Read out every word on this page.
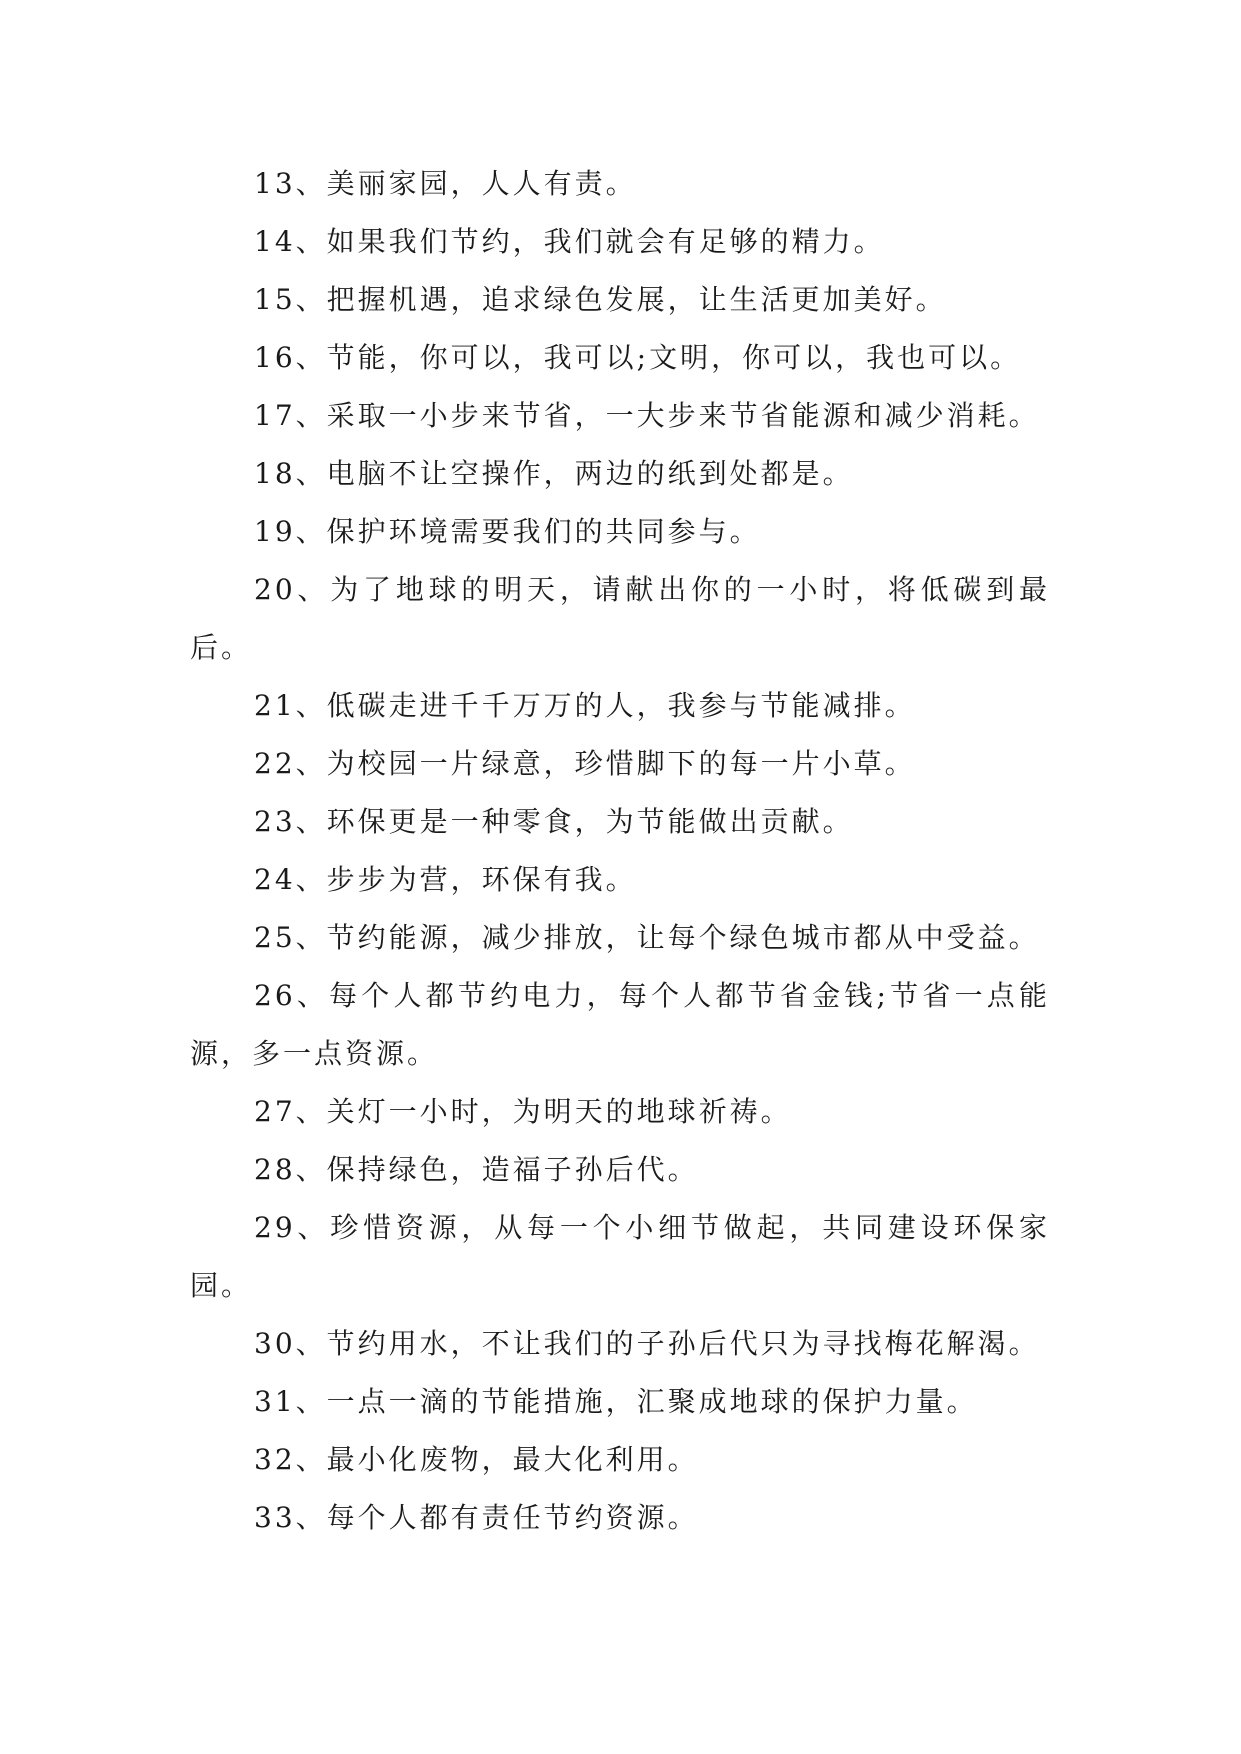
13、美丽家园，人人有责。

14、如果我们节约，我们就会有足够的精力。

15、把握机遇，追求绿色发展，让生活更加美好。

16、节能，你可以，我可以;文明，你可以，我也可以。

17、采取一小步来节省，一大步来节省能源和减少消耗。

18、电脑不让空操作，两边的纸到处都是。

19、保护环境需要我们的共同参与。

20、为了地球的明天，请献出你的一小时，将低碳到最后。

21、低碳走进千千万万的人，我参与节能减排。

22、为校园一片绿意，珍惜脚下的每一片小草。

23、环保更是一种零食，为节能做出贡献。

24、步步为营，环保有我。

25、节约能源，减少排放，让每个绿色城市都从中受益。

26、每个人都节约电力，每个人都节省金钱;节省一点能源，多一点资源。

27、关灯一小时，为明天的地球祈祷。

28、保持绿色，造福子孙后代。

29、珍惜资源，从每一个小细节做起，共同建设环保家园。

30、节约用水，不让我们的子孙后代只为寻找梅花解渴。

31、一点一滴的节能措施，汇聚成地球的保护力量。

32、最小化废物，最大化利用。

33、每个人都有责任节约资源。
